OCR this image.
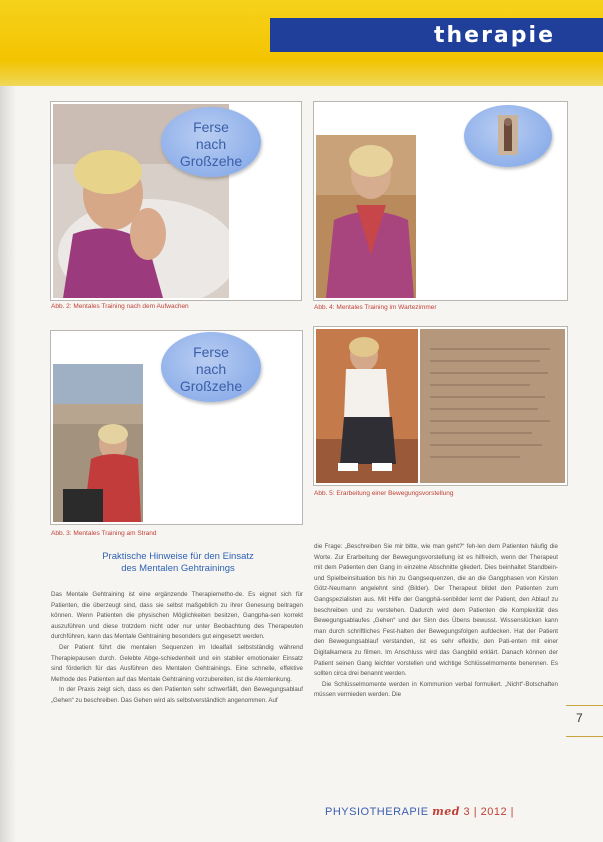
therapie
Ferse
nach
Großzehe
Abb. 2: Mentales Training nach dem Aufwachen	Abb. 4: Mentales Training im Wartezimmer
Ferse
nach
Großzehe
Abb. 3: Mentales Training am Strand
Abb. 5: Erarbeitung einer Bewegungsvorstellung
Praktische Hinweise für den Einsatz
des Mentalen Gehtrainings

Das Mentale Gehtraining ist eine ergänzende Therapiemetho-de. Es eignet sich für Patienten, die überzeugt sind, dass sie selbst maßgeblich zu ihrer Genesung beitragen können. Wenn Patienten die physischen Möglichkeiten besitzen, Gangpha-sen korrekt auszuführen und diese trotzdem nicht oder nur unter Beobachtung des Therapeuten durchführen, kann das Mentale Gehtraining besonders gut eingesetzt werden.

Der Patient führt die mentalen Sequenzen im Idealfall selbstständig während Therapiepausen durch. Gelebte Abge-schiedenheit und ein stabiler emotionaler Einsatz sind förderlich für das Ausführen des Mentalen Gehtrainings. Eine schnelle, effektive Methode des Patienten auf das Mentale Gehtraining vorzubereiten, ist die Atemlenkung.

In der Praxis zeigt sich, dass es den Patienten sehr schwerfällt, den Bewegungsablauf „Gehen“ zu beschreiben. Das Gehen wird als selbstverständlich angenommen. Auf

die Frage: „Beschreiben Sie mir bitte, wie man geht?“ feh-len dem Patienten häufig die Worte. Zur Erarbeitung der Bewegungsvorstellung ist es hilfreich, wenn der Therapeut mit dem Patienten den Gang in einzelne Abschnitte gliedert. Dies beinhaltet Standbein- und Spielbeinsituation bis hin zu Gangsequenzen, die an die Gangphasen von Kirsten Götz-Neumann angelehnt sind (Bilder). Der Therapeut bildet den Patienten zum Gangspezialisten aus. Mit Hilfe der Gangphä-senbilder lernt der Patient, den Ablauf zu beschreiben und zu verstehen. Dadurch wird dem Patienten die Komplexität des Bewegungsablaufes „Gehen“ und der Sinn des Übens bewusst. Wissenslücken kann man durch schriftliches Fest-halten der Bewegungsfolgen aufdecken. Hat der Patient den Bewegungsablauf verstanden, ist es sehr effektiv, den Pati-enten mit einer Digitalkamera zu filmen. Im Anschluss wird das Gangbild erklärt. Danach können der Patient seinen Gang leichter vorstellen und wichtige Schlüsselmomente benennen. Es sollten circa drei benannt werden.

Die Schlüsselmomente werden in Kommunion verbal formuliert. „Nicht“-Botschaften müssen vermieden werden. Die

7
PHYSIOTHERAPIE med 3 | 2012 |
